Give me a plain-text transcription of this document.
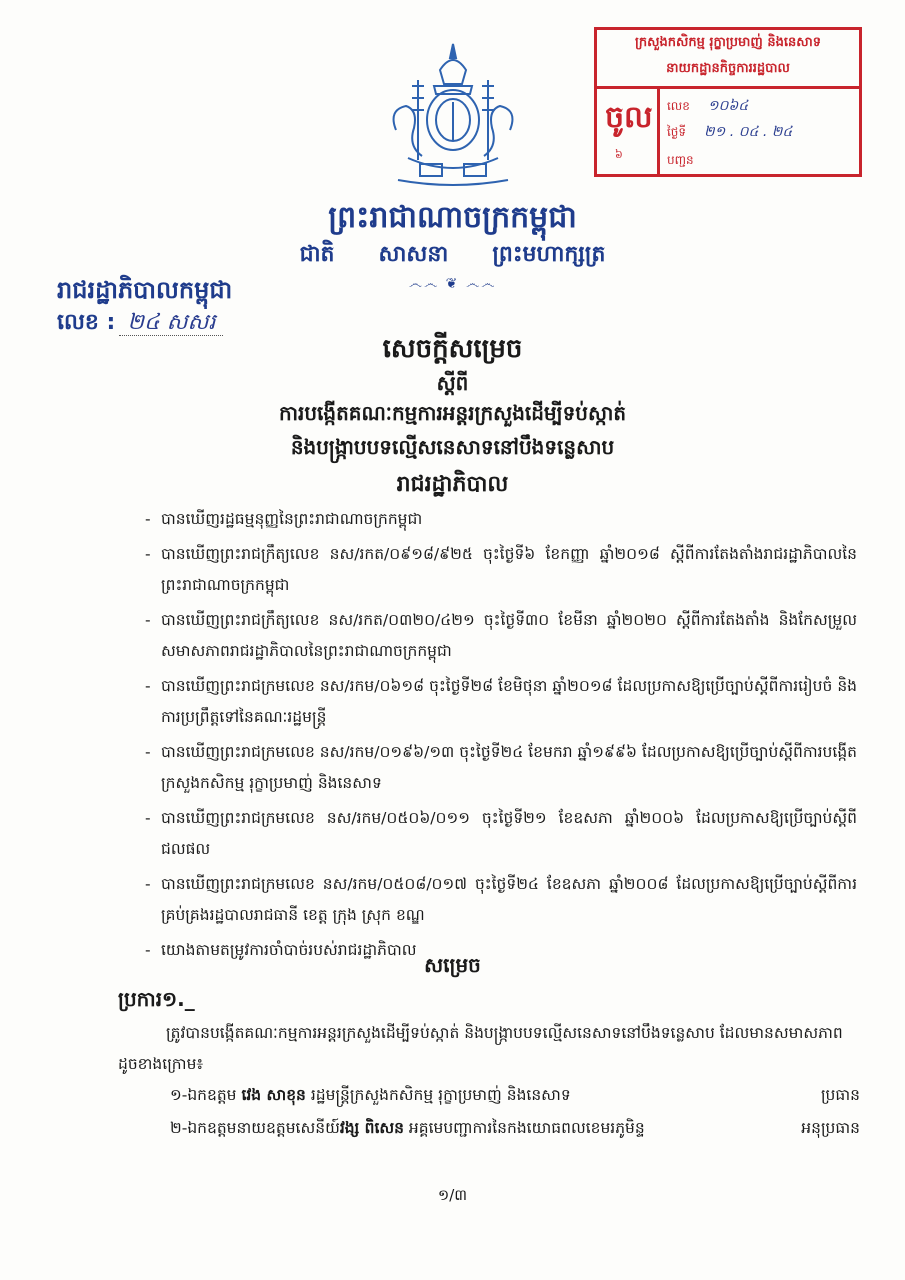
ក្រសួងកសិកម្ម រុក្ខាប្រមាញ់ និងនេសាទ
នាយកដ្ឋានកិច្ចការរដ្ឋបាល
ចូល
៦
លេខ ១០៦៤
ថ្ងៃទី ២១ . ០៤ . ២៤
បញ្ជន
ព្រះរាជាណាចក្រកម្ពុជា
ជាតិ សាសនា ព្រះមហាក្សត្រ
෴෴ ❦ ෴෴
រាជរដ្ឋាភិបាលកម្ពុជា
លេខ : ២៤ សសរ
សេចក្តីសម្រេច
ស្តីពី
ការបង្កើតគណៈកម្មការអន្តរក្រសួងដើម្បីទប់ស្កាត់
និងបង្ក្រាបបទល្មើសនេសាទនៅបឹងទន្លេសាប
រាជរដ្ឋាភិបាល
- បានឃើញរដ្ឋធម្មនុញ្ញនៃព្រះរាជាណាចក្រកម្ពុជា
- បានឃើញព្រះរាជក្រឹត្យលេខ នស/រកត/០៩១៨/៩២៥ ចុះថ្ងៃទី៦ ខែកញ្ញា ឆ្នាំ២០១៨ ស្តីពីការតែងតាំងរាជរដ្ឋាភិបាលនៃព្រះរាជាណាចក្រកម្ពុជា
- បានឃើញព្រះរាជក្រឹត្យលេខ នស/រកត/០៣២០/៤២១ ចុះថ្ងៃទី៣០ ខែមីនា ឆ្នាំ២០២០ ស្តីពីការតែងតាំង និងកែសម្រួលសមាសភាពរាជរដ្ឋាភិបាលនៃព្រះរាជាណាចក្រកម្ពុជា
- បានឃើញព្រះរាជក្រមលេខ នស/រកម/០៦១៨ ចុះថ្ងៃទី២៨ ខែមិថុនា ឆ្នាំ២០១៨ ដែលប្រកាសឱ្យប្រើច្បាប់ស្តីពីការរៀបចំ និងការប្រព្រឹត្តទៅនៃគណៈរដ្ឋមន្ត្រី
- បានឃើញព្រះរាជក្រមលេខ នស/រកម/០១៩៦/១៣ ចុះថ្ងៃទី២៤ ខែមករា ឆ្នាំ១៩៩៦ ដែលប្រកាសឱ្យប្រើច្បាប់ស្តីពីការបង្កើតក្រសួងកសិកម្ម រុក្ខាប្រមាញ់ និងនេសាទ
- បានឃើញព្រះរាជក្រមលេខ នស/រកម/០៥០៦/០១១ ចុះថ្ងៃទី២១ ខែឧសភា ឆ្នាំ២០០៦ ដែលប្រកាសឱ្យប្រើច្បាប់ស្តីពីជលផល
- បានឃើញព្រះរាជក្រមលេខ នស/រកម/០៥០៨/០១៧ ចុះថ្ងៃទី២៤ ខែឧសភា ឆ្នាំ២០០៨ ដែលប្រកាសឱ្យប្រើច្បាប់ស្តីពីការគ្រប់គ្រងរដ្ឋបាលរាជធានី ខេត្ត ក្រុង ស្រុក ខណ្ឌ
- យោងតាមតម្រូវការចាំបាច់របស់រាជរដ្ឋាភិបាល
សម្រេច
ប្រការ១._
ត្រូវបានបង្កើតគណៈកម្មការអន្តរក្រសួងដើម្បីទប់ស្កាត់ និងបង្ក្រាបបទល្មើសនេសាទនៅបឹងទន្លេសាប ដែលមានសមាសភាពដូចខាងក្រោម៖
១-ឯកឧត្តម វេង សាខុន រដ្ឋមន្ត្រីក្រសួងកសិកម្ម រុក្ខាប្រមាញ់ និងនេសាទ	ប្រធាន
២-ឯកឧត្តមនាយឧត្តមសេនីយ៍វង្ស ពិសេន អគ្គមេបញ្ជាការនៃកងយោធពលខេមរភូមិន្ទ	អនុប្រធាន
១/៣
